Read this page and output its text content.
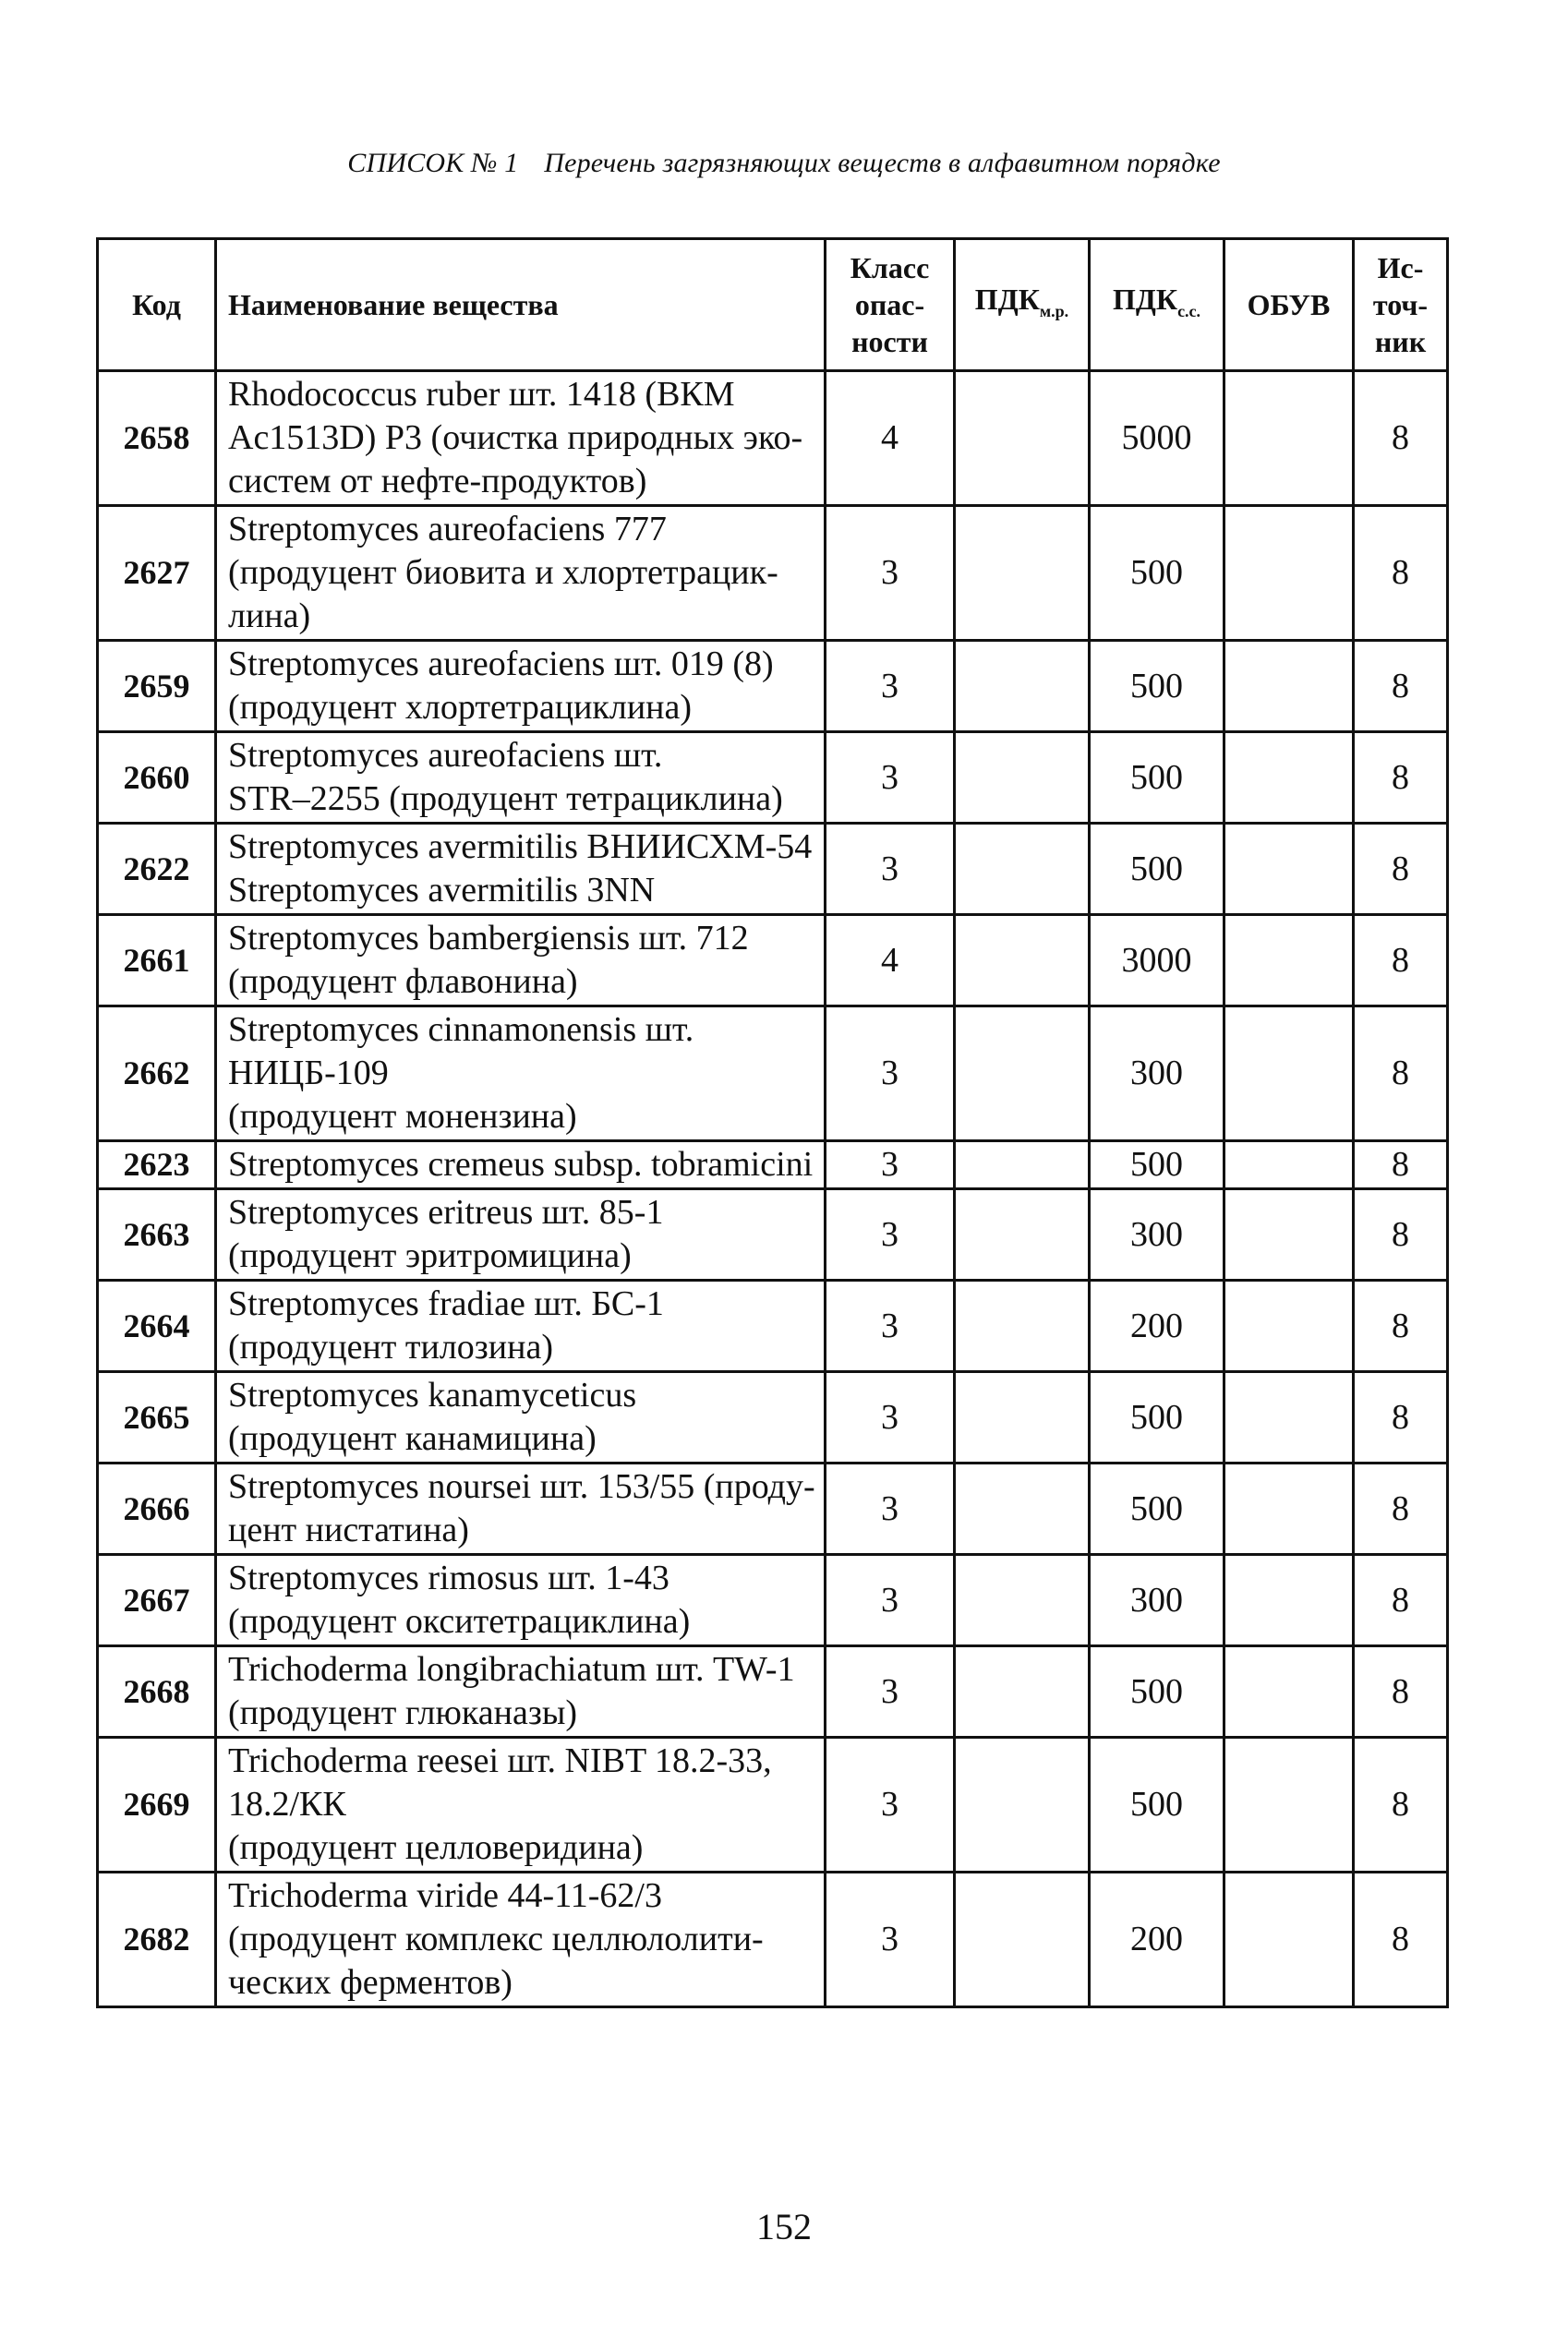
СПИСОК № 1 Перечень загрязняющих веществ в алфавитном порядке
Код	Наименование вещества	Класс
опас-
ности	$ПДК_{м.р.}$	$ПДК_{с.с.}$	ОБУВ	Ис-
точ-
ник
2658	Rhodococcus ruber шт. 1418 (ВКМ
Ac1513D) Р3 (очистка природных эко-
систем от нефте-продуктов)	4		5000		8
2627	Streptomyces aureofaciens 777
(продуцент биовита и хлортетрацик-
лина)	3		500		8
2659	Streptomyces aureofaciens шт. 019 (8)
(продуцент хлортетрациклина)	3		500		8
2660	Streptomyces aureofaciens шт.
STR–2255 (продуцент тетрациклина)	3		500		8
2622	Streptomyces avermitilis ВНИИСХМ-54
Streptomyces avermitilis 3NN	3		500		8
2661	Streptomyces bambergiensis шт. 712
(продуцент флавонина)	4		3000		8
2662	Streptomyces cinnamonensis шт.
НИЦБ-109
(продуцент монензина)	3		300		8
2623	Streptomyces cremeus subsp. tobramicini	3		500		8
2663	Streptomyces eritreus шт. 85-1
(продуцент эритромицина)	3		300		8
2664	Streptomyces fradiae шт. БС-1
(продуцент тилозина)	3		200		8
2665	Streptomyces kanamyceticus
(продуцент канамицина)	3		500		8
2666	Streptomyces noursei шт. 153/55 (проду-
цент нистатина)	3		500		8
2667	Streptomyces rimosus шт. 1-43
(продуцент окситетрациклина)	3		300		8
2668	Trichoderma longibrachiatum шт. TW-1
(продуцент глюканазы)	3		500		8
2669	Trichoderma reesei шт. NIBT 18.2-33,
18.2/КК
(продуцент целловеридина)	3		500		8
2682	Trichoderma viride 44-11-62/3
(продуцент комплекс целлюлолити-
ческих ферментов)	3		200		8
152
